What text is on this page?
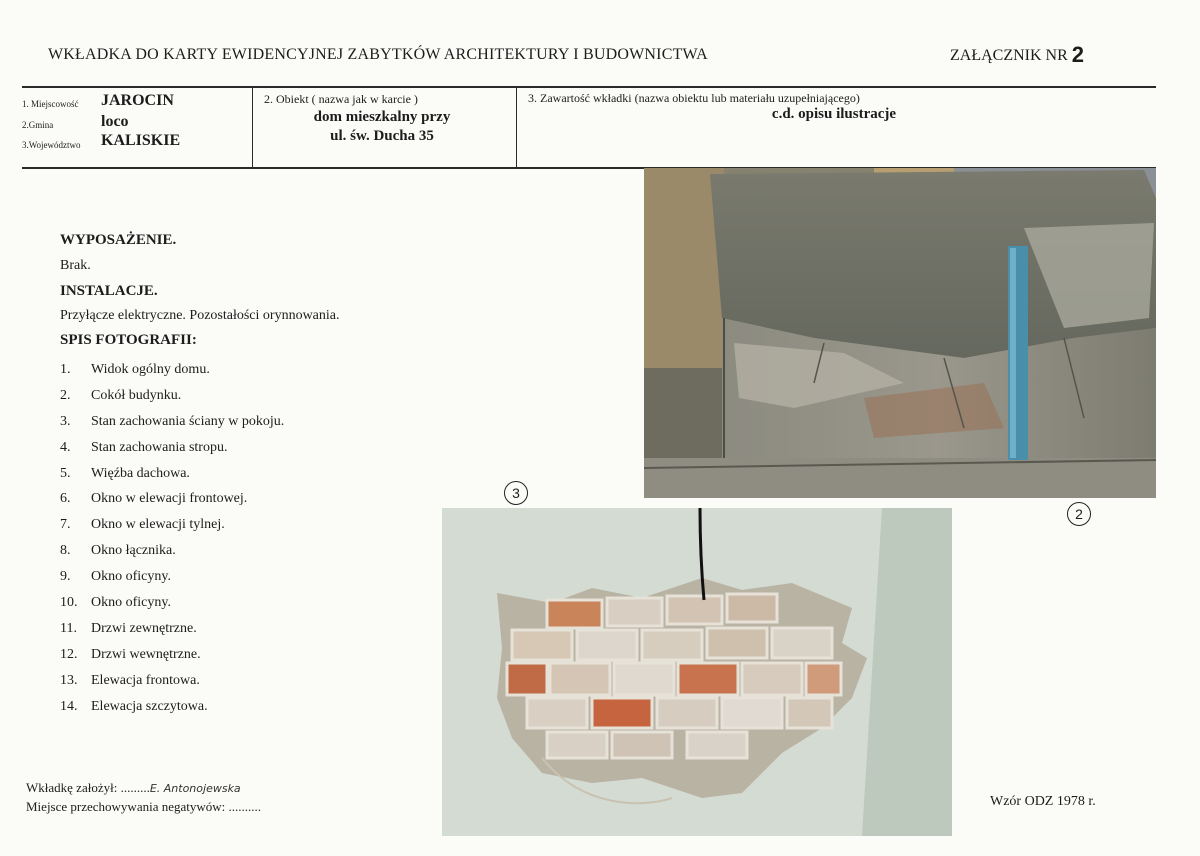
WKŁADKA DO KARTY EWIDENCYJNEJ ZABYTKÓW ARCHITEKTURY I BUDOWNICTWA	ZAŁĄCZNIK NR 2
1. Miejscowość JAROCIN
2.Gmina	loco
3.Województwo KALISKIE
2. Obiekt ( nazwa jak w karcie )
dom mieszkalny przy
ul. św. Ducha 35
3. Zawartość wkładki (nazwa obiektu lub materiału uzupełniającego)
c.d. opisu ilustracje
WYPOSAŻENIE.
Brak.
INSTALACJE.
Przyłącze elektryczne. Pozostałości orynnowania.
SPIS FOTOGRAFII:
1.	Widok ogólny domu.
2.	Cokół budynku.
3.	Stan zachowania ściany w pokoju.
4.	Stan zachowania stropu.
5.	Więźba dachowa.
6.	Okno w elewacji frontowej.
7.	Okno w elewacji tylnej.
8.	Okno łącznika.
9.	Okno oficyny.
10. Okno oficyny.
11.	Drzwi zewnętrzne.
12. Drzwi wewnętrzne.
13. Elewacja frontowa.
14. Elewacja szczytowa.
2
3
Wkładkę założył: .........E. Antonojewska
Miejsce przechowywania negatywów: ..........	Wzór ODZ 1978 r.
